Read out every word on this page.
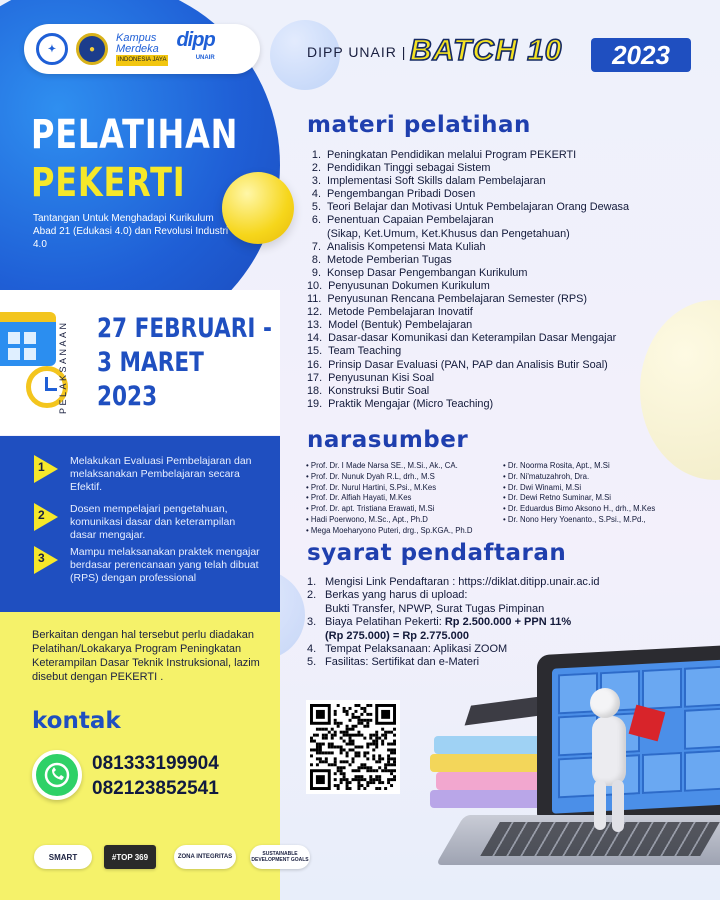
✦	●
Kampus
Merdeka
INDONESIA JAYA
dipp
UNAIR	DIPP UNAIR | BATCH 10	2023
PELATIHAN
PEKERTI
Tantangan Untuk Menghadapi Kurikulum Abad 21 (Edukasi 4.0) dan Revolusi Industri 4.0
PELAKSANAAN 27 FEBRUARI -
3 MARET
2023
1 Melakukan Evaluasi Pembelajaran dan melaksanakan Pembelajaran secara Efektif.
2 Dosen mempelajari pengetahuan, komunikasi dasar dan keterampilan dasar mengajar.
3 Mampu melaksanakan praktek mengajar berdasar perencanaan yang telah dibuat (RPS) dengan professional
Berkaitan dengan hal tersebut perlu diadakan Pelatihan/Lokakarya Program Peningkatan Keterampilan Dasar Teknik Instruksional, lazim disebut dengan PEKERTI .
kontak
081333199904
082123852541
SMART	#TOP 369	ZONA INTEGRITAS	SUSTAINABLE DEVELOPMENT GOALS
materi pelatihan
1. Peningkatan Pendidikan melalui Program PEKERTI
2. Pendidikan Tinggi sebagai Sistem
3. Implementasi Soft Skills dalam Pembelajaran
4. Pengembangan Pribadi Dosen
5. Teori Belajar dan Motivasi Untuk Pembelajaran Orang Dewasa
6. Penentuan Capaian Pembelajaran
(Sikap, Ket.Umum, Ket.Khusus dan Pengetahuan)
7. Analisis Kompetensi Mata Kuliah
8. Metode Pemberian Tugas
9. Konsep Dasar Pengembangan Kurikulum
10. Penyusunan Dokumen Kurikulum
11. Penyusunan Rencana Pembelajaran Semester (RPS)
12. Metode Pembelajaran Inovatif
13. Model (Bentuk) Pembelajaran
14. Dasar-dasar Komunikasi dan Keterampilan Dasar Mengajar
15. Team Teaching
16. Prinsip Dasar Evaluasi (PAN, PAP dan Analisis Butir Soal)
17. Penyusunan Kisi Soal
18. Konstruksi Butir Soal
19. Praktik Mengajar (Micro Teaching)
narasumber
• Prof. Dr. I Made Narsa SE., M.Si., Ak., CA.
• Prof. Dr. Nunuk Dyah R.L, drh., M.S
• Prof. Dr. Nurul Hartini, S.Psi., M.Kes
• Prof. Dr. Alfiah Hayati, M.Kes
• Prof. Dr. apt. Tristiana Erawati, M.Si
• Hadi Poerwono, M.Sc., Apt., Ph.D
• Mega Moeharyono Puteri, drg., Sp.KGA., Ph.D
• Dr. Noorma Rosita, Apt., M.Si
• Dr. Ni'matuzahroh, Dra.
• Dr. Dwi Winami, M.Si
• Dr. Dewi Retno Suminar, M.Si
• Dr. Eduardus Bimo Aksono H., drh., M.Kes
• Dr. Nono Hery Yoenanto., S.Psi., M.Pd.,
syarat pendaftaran
1. Mengisi Link Pendaftaran : https://diklat.ditipp.unair.ac.id
2. Berkas yang harus di upload:
Bukti Transfer, NPWP, Surat Tugas Pimpinan
3. Biaya Pelatihan Pekerti: Rp 2.500.000 + PPN 11%
(Rp 275.000) = Rp 2.775.000
4. Tempat Pelaksanaan: Aplikasi ZOOM
5. Fasilitas: Sertifikat dan e-Materi
